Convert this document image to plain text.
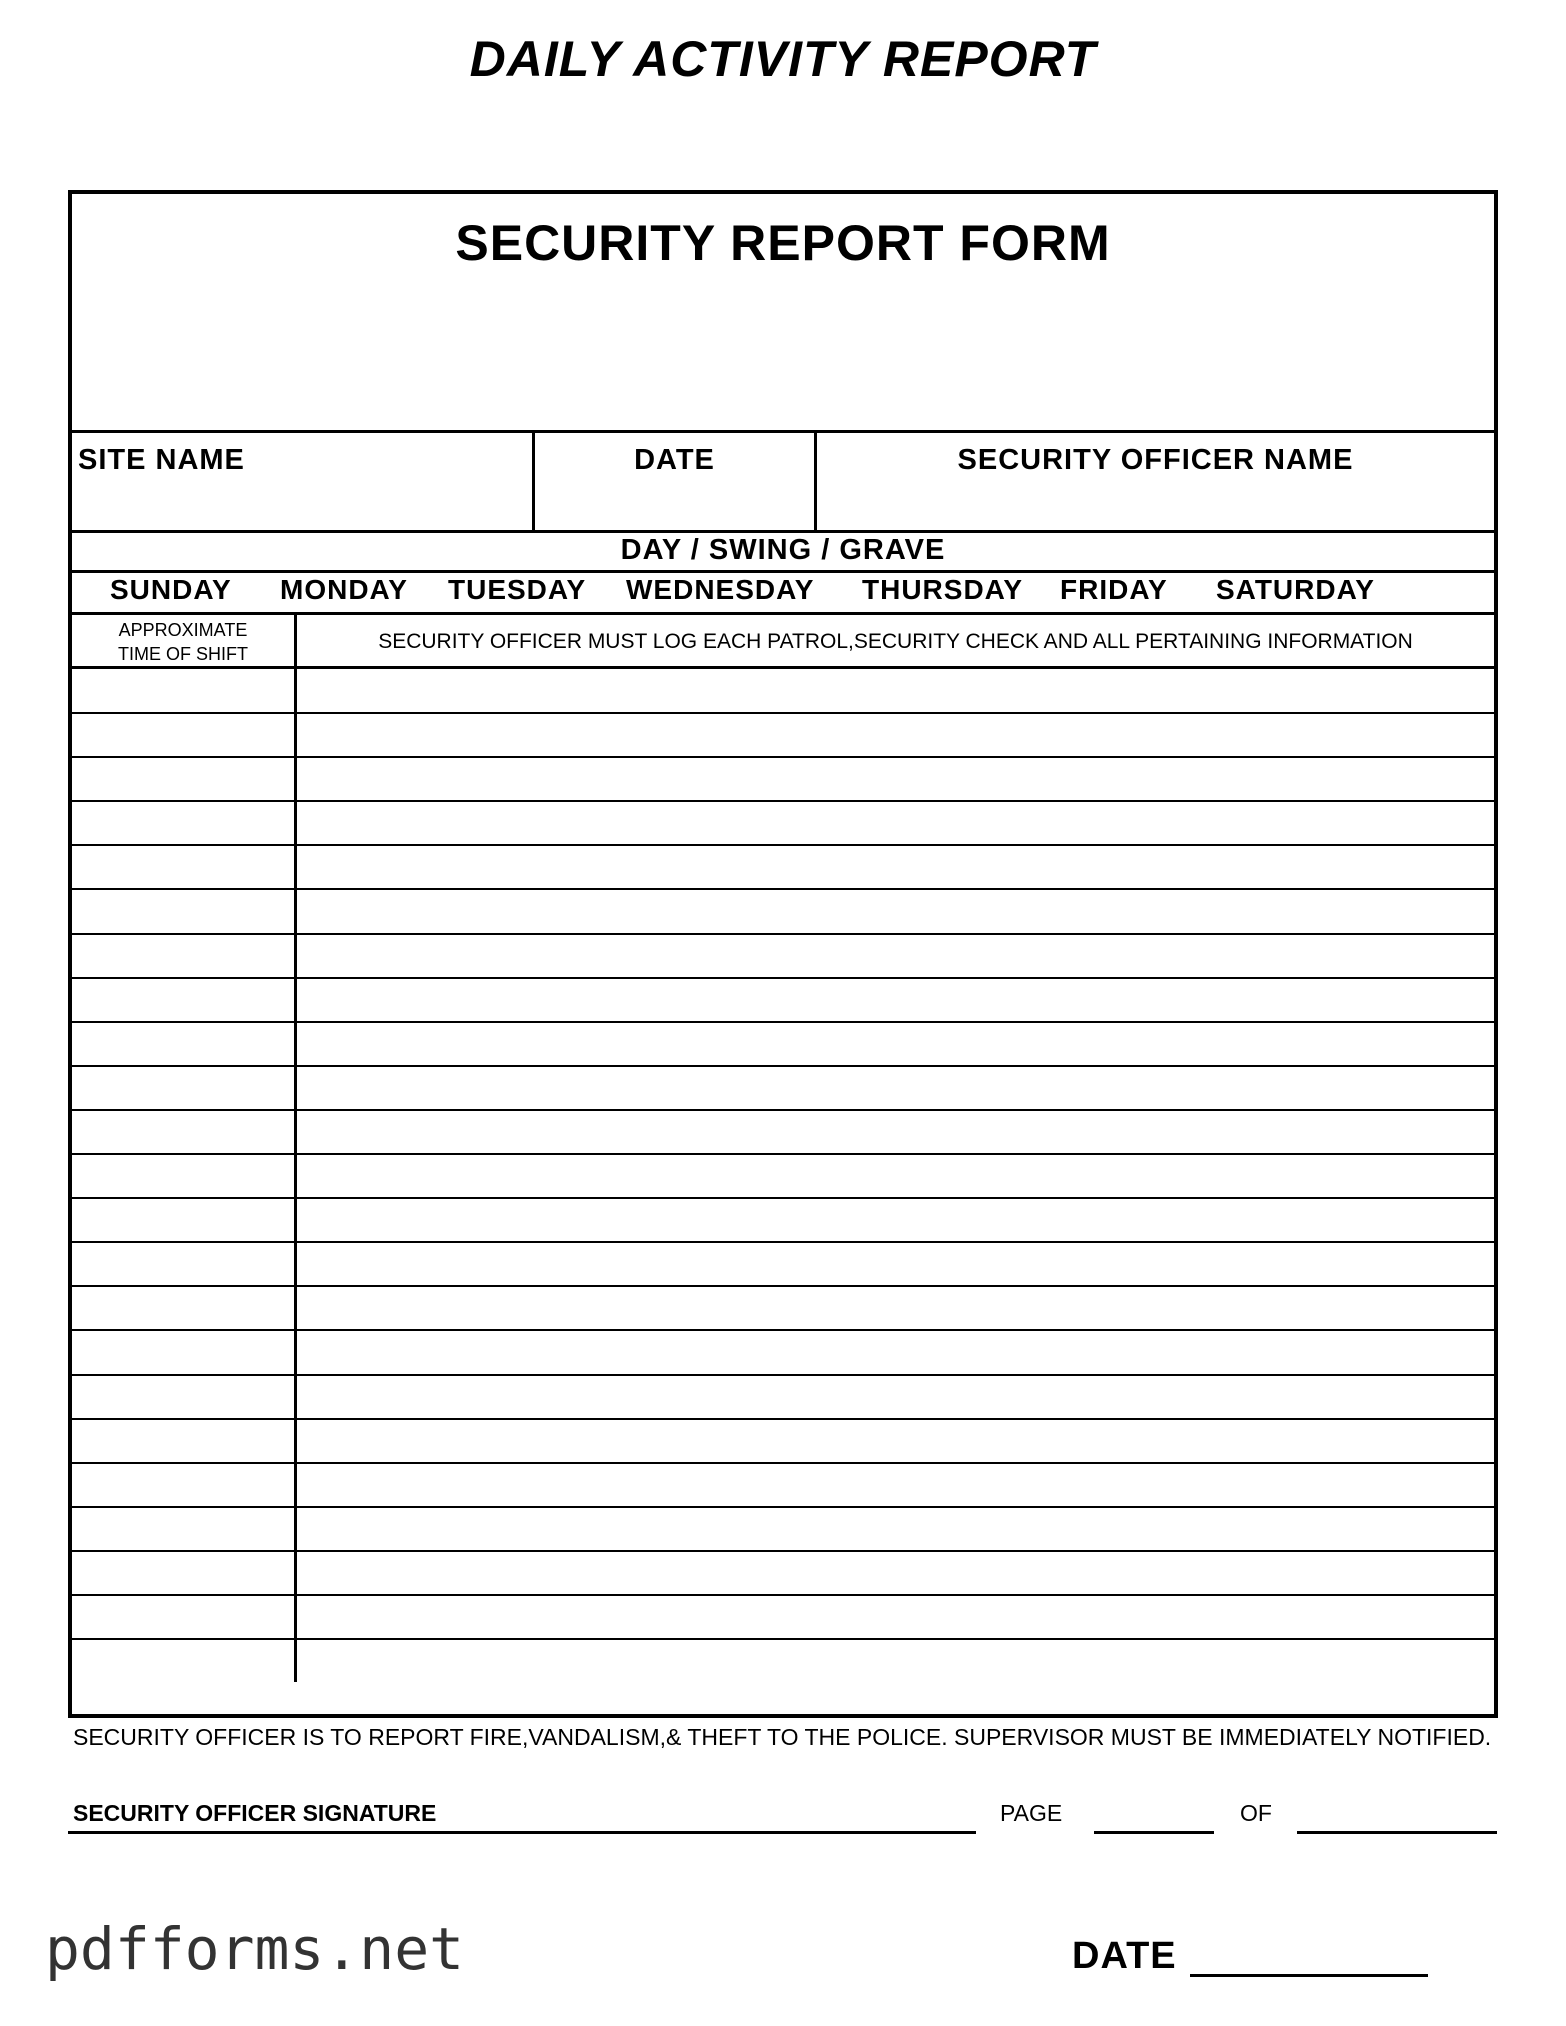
DAILY ACTIVITY REPORT
SECURITY REPORT FORM
SITE NAME	DATE	SECURITY OFFICER NAME
DAY / SWING / GRAVE
SUNDAY MONDAY TUESDAY WEDNESDAY THURSDAY FRIDAY SATURDAY
APPROXIMATE
TIME OF SHIFT
SECURITY OFFICER MUST LOG EACH PATROL,SECURITY CHECK AND ALL PERTAINING INFORMATION
SECURITY OFFICER IS TO REPORT FIRE,VANDALISM,& THEFT TO THE POLICE. SUPERVISOR MUST BE IMMEDIATELY NOTIFIED.
SECURITY OFFICER SIGNATURE	PAGE	OF
pdfforms.net	DATE
